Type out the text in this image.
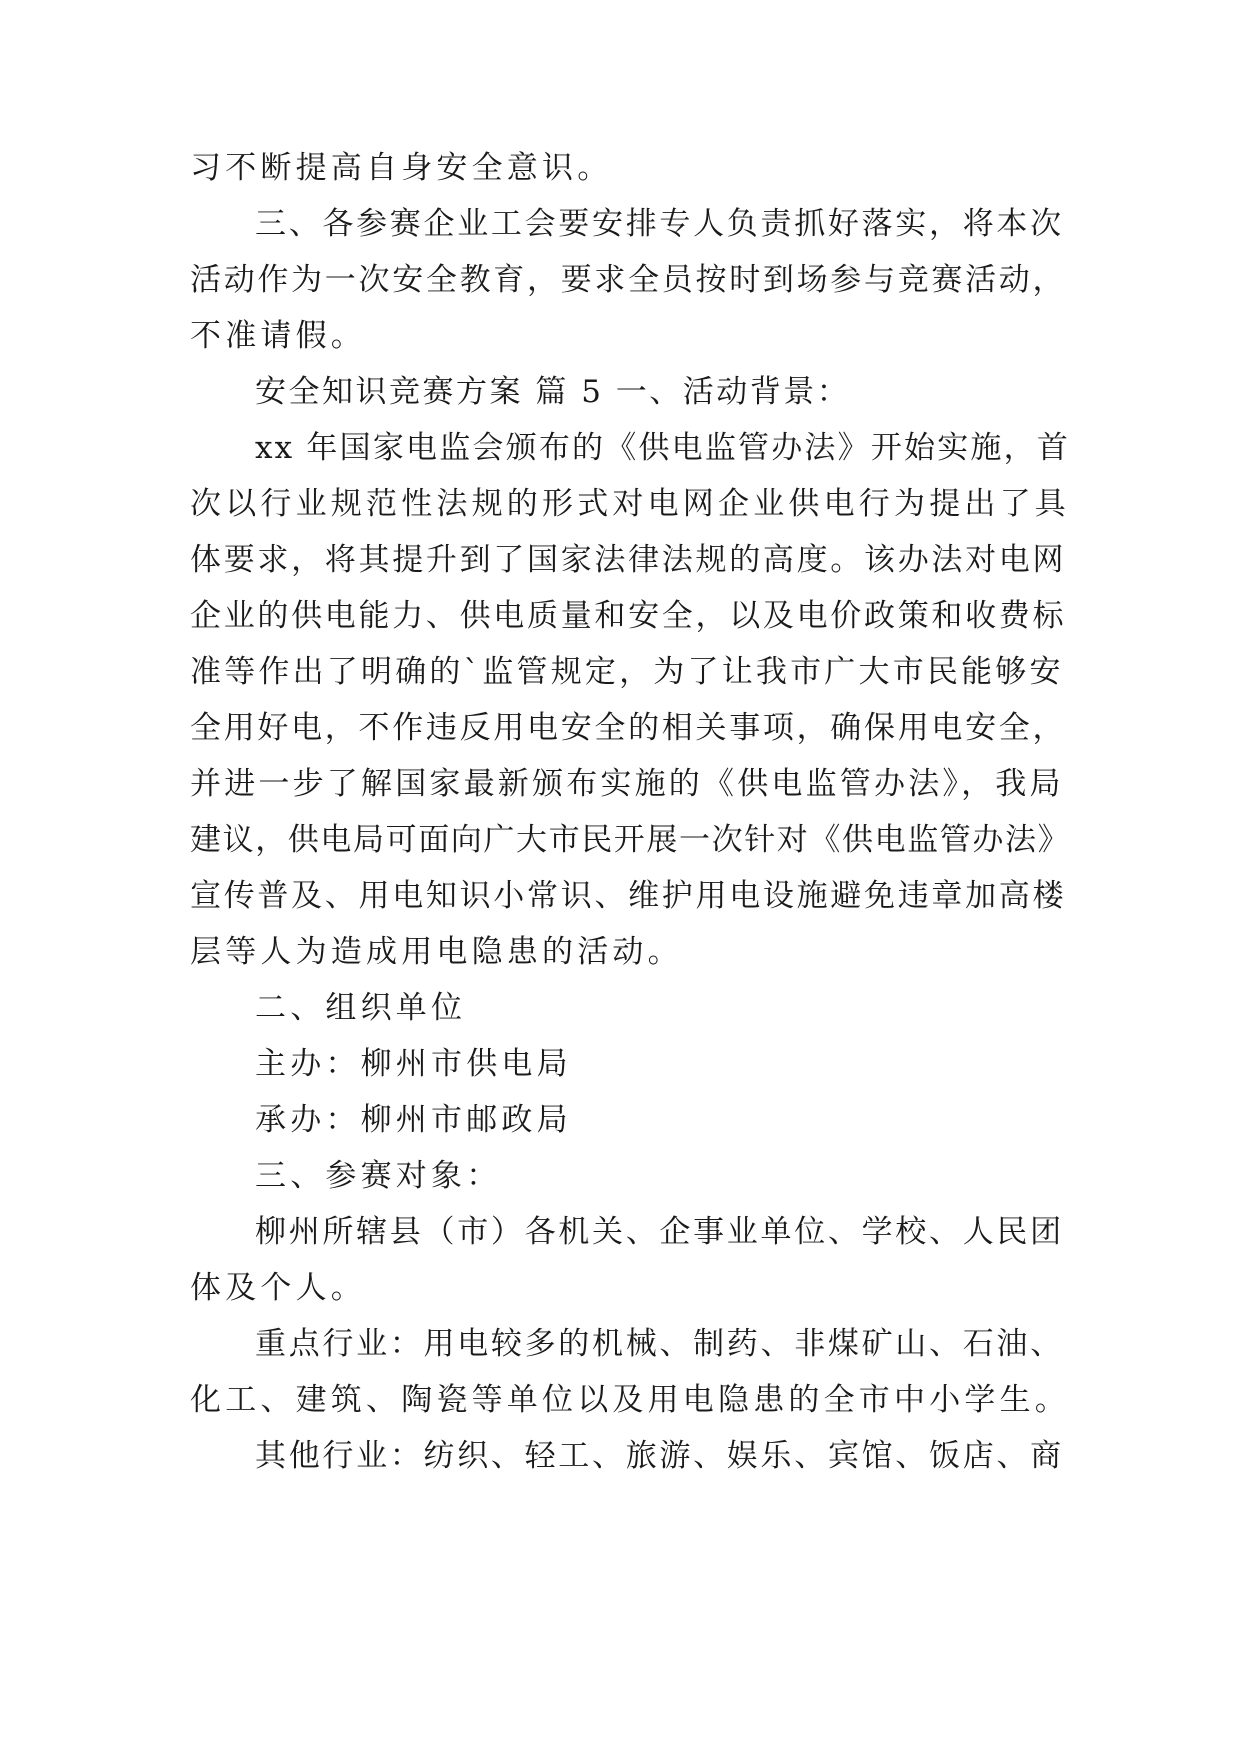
习不断提高自身安全意识。
三、各参赛企业工会要安排专人负责抓好落实，将本次
活动作为一次安全教育，要求全员按时到场参与竞赛活动，
不准请假。
安全知识竞赛方案 篇 5 一、活动背景：
xx 年国家电监会颁布的《供电监管办法》开始实施，首
次以行业规范性法规的形式对电网企业供电行为提出了具
体要求，将其提升到了国家法律法规的高度。该办法对电网
企业的供电能力、供电质量和安全，以及电价政策和收费标
准等作出了明确的`监管规定，为了让我市广大市民能够安
全用好电，不作违反用电安全的相关事项，确保用电安全，
并进一步了解国家最新颁布实施的《供电监管办法》，我局
建议，供电局可面向广大市民开展一次针对《供电监管办法》
宣传普及、用电知识小常识、维护用电设施避免违章加高楼
层等人为造成用电隐患的活动。
二、组织单位
主办：柳州市供电局
承办：柳州市邮政局
三、参赛对象：
柳州所辖县（市）各机关、企事业单位、学校、人民团
体及个人。
重点行业：用电较多的机械、制药、非煤矿山、石油、
化工、建筑、陶瓷等单位以及用电隐患的全市中小学生。
其他行业：纺织、轻工、旅游、娱乐、宾馆、饭店、商
